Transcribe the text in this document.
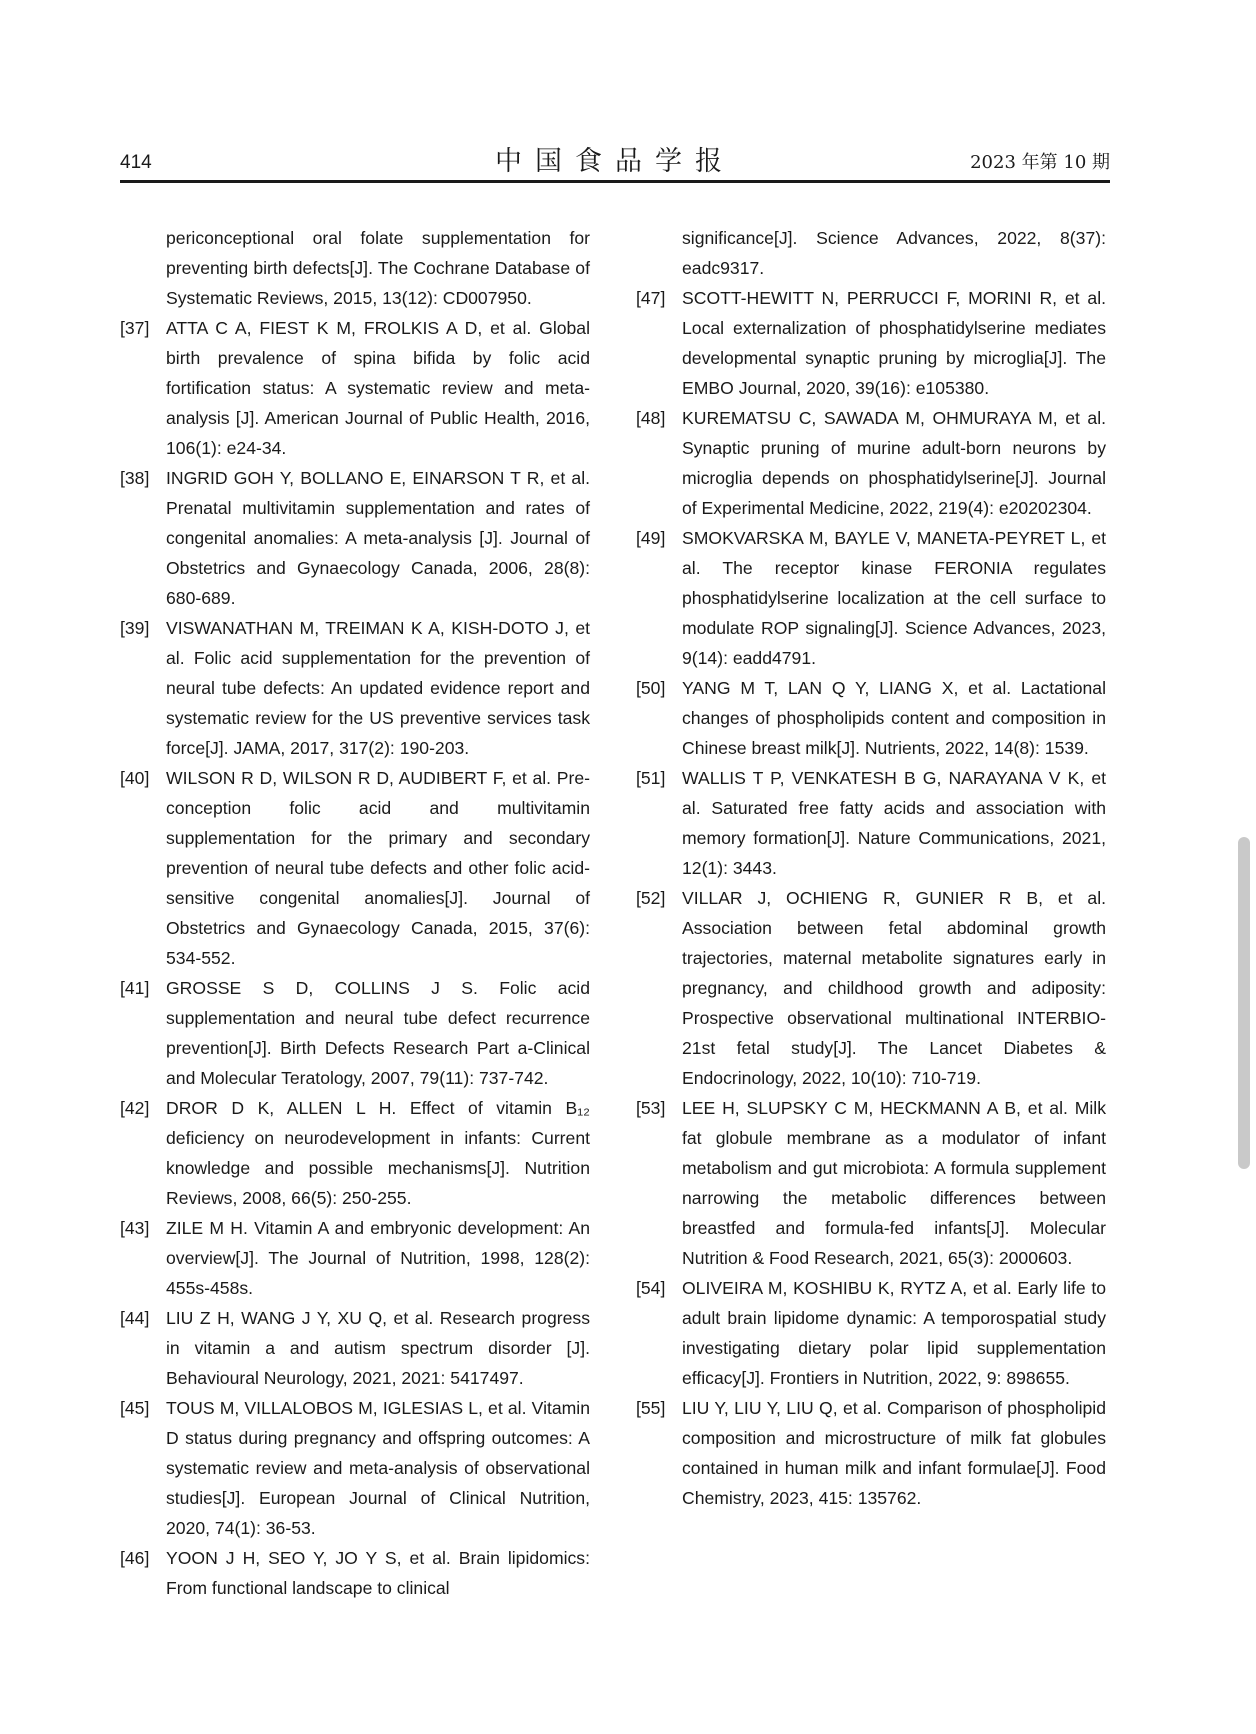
414	中国食品学报	2023 年第 10 期
periconceptional oral folate supplementation for preventing birth defects[J]. The Cochrane Database of Systematic Reviews, 2015, 13(12): CD007950.
[37] ATTA C A, FIEST K M, FROLKIS A D, et al. Global birth prevalence of spina bifida by folic acid fortification status: A systematic review and meta-analysis [J]. American Journal of Public Health, 2016, 106(1): e24-34.
[38] INGRID GOH Y, BOLLANO E, EINARSON T R, et al. Prenatal multivitamin supplementation and rates of congenital anomalies: A meta-analysis [J]. Journal of Obstetrics and Gynaecology Canada, 2006, 28(8): 680-689.
[39] VISWANATHAN M, TREIMAN K A, KISH-DOTO J, et al. Folic acid supplementation for the prevention of neural tube defects: An updated evidence report and systematic review for the US preventive services task force[J]. JAMA, 2017, 317(2): 190-203.
[40] WILSON R D, WILSON R D, AUDIBERT F, et al. Pre-conception folic acid and multivitamin supplementation for the primary and secondary prevention of neural tube defects and other folic acid-sensitive congenital anomalies[J]. Journal of Obstetrics and Gynaecology Canada, 2015, 37(6): 534-552.
[41] GROSSE S D, COLLINS J S. Folic acid supplementation and neural tube defect recurrence prevention[J]. Birth Defects Research Part a-Clinical and Molecular Teratology, 2007, 79(11): 737-742.
[42] DROR D K, ALLEN L H. Effect of vitamin B₁₂ deficiency on neurodevelopment in infants: Current knowledge and possible mechanisms[J]. Nutrition Reviews, 2008, 66(5): 250-255.
[43] ZILE M H. Vitamin A and embryonic development: An overview[J]. The Journal of Nutrition, 1998, 128(2): 455s-458s.
[44] LIU Z H, WANG J Y, XU Q, et al. Research progress in vitamin a and autism spectrum disorder [J]. Behavioural Neurology, 2021, 2021: 5417497.
[45] TOUS M, VILLALOBOS M, IGLESIAS L, et al. Vitamin D status during pregnancy and offspring outcomes: A systematic review and meta-analysis of observational studies[J]. European Journal of Clinical Nutrition, 2020, 74(1): 36-53.
[46] YOON J H, SEO Y, JO Y S, et al. Brain lipidomics: From functional landscape to clinical
significance[J]. Science Advances, 2022, 8(37): eadc9317.
[47] SCOTT-HEWITT N, PERRUCCI F, MORINI R, et al. Local externalization of phosphatidylserine mediates developmental synaptic pruning by microglia[J]. The EMBO Journal, 2020, 39(16): e105380.
[48] KUREMATSU C, SAWADA M, OHMURAYA M, et al. Synaptic pruning of murine adult-born neurons by microglia depends on phosphatidylserine[J]. Journal of Experimental Medicine, 2022, 219(4): e20202304.
[49] SMOKVARSKA M, BAYLE V, MANETA-PEYRET L, et al. The receptor kinase FERONIA regulates phosphatidylserine localization at the cell surface to modulate ROP signaling[J]. Science Advances, 2023, 9(14): eadd4791.
[50] YANG M T, LAN Q Y, LIANG X, et al. Lactational changes of phospholipids content and composition in Chinese breast milk[J]. Nutrients, 2022, 14(8): 1539.
[51] WALLIS T P, VENKATESH B G, NARAYANA V K, et al. Saturated free fatty acids and association with memory formation[J]. Nature Communications, 2021, 12(1): 3443.
[52] VILLAR J, OCHIENG R, GUNIER R B, et al. Association between fetal abdominal growth trajectories, maternal metabolite signatures early in pregnancy, and childhood growth and adiposity: Prospective observational multinational INTERBIO-21st fetal study[J]. The Lancet Diabetes & Endocrinology, 2022, 10(10): 710-719.
[53] LEE H, SLUPSKY C M, HECKMANN A B, et al. Milk fat globule membrane as a modulator of infant metabolism and gut microbiota: A formula supplement narrowing the metabolic differences between breastfed and formula-fed infants[J]. Molecular Nutrition & Food Research, 2021, 65(3): 2000603.
[54] OLIVEIRA M, KOSHIBU K, RYTZ A, et al. Early life to adult brain lipidome dynamic: A temporospatial study investigating dietary polar lipid supplementation efficacy[J]. Frontiers in Nutrition, 2022, 9: 898655.
[55] LIU Y, LIU Y, LIU Q, et al. Comparison of phospholipid composition and microstructure of milk fat globules contained in human milk and infant formulae[J]. Food Chemistry, 2023, 415: 135762.
